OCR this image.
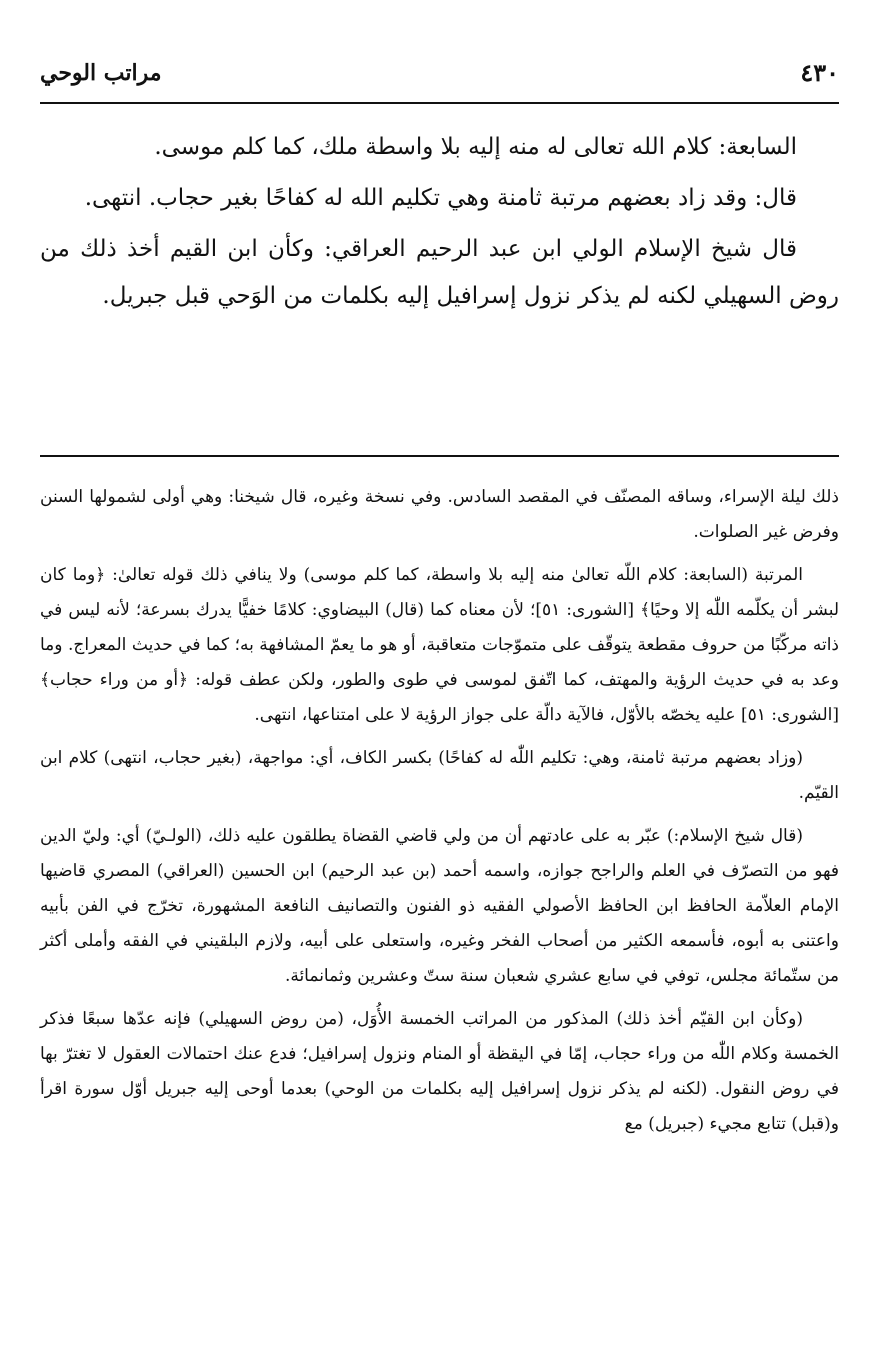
٤٣٠
مراتب الوحي

السابعة: كلام الله تعالى له منه إليه بلا واسطة ملك، كما كلم موسى.

قال: وقد زاد بعضهم مرتبة ثامنة وهي تكليم الله له كفاحًا بغير حجاب. انتهى.

قال شيخ الإسلام الولي ابن عبد الرحيم العراقي: وكأن ابن القيم أخذ ذلك من روض السهيلي لكنه لم يذكر نزول إسرافيل إليه بكلمات من الوَحي قبل جبريل.

ذلك ليلة الإسراء، وساقه المصنّف في المقصد السادس. وفي نسخة وغيره، قال شيخنا: وهي أولى لشمولها السنن وفرض غير الصلوات.

المرتبة (السابعة: كلام اللّه تعالىٰ منه إليه بلا واسطة، كما كلم موسى) ولا ينافي ذلك قوله تعالىٰ: ﴿وما كان لبشر أن يكلّمه اللّٰه إلا وحيًا﴾ [الشورى: ٥١]؛ لأن معناه كما (قال) البيضاوي: كلامًا خفيًّا يدرك بسرعة؛ لأنه ليس في ذاته مركّبًا من حروف مقطعة يتوقّف على متموّجات متعاقبة، أو هو ما يعمّ المشافهة به؛ كما في حديث المعراج. وما وعد به في حديث الرؤية والمهتف، كما اتّفق لموسى في طوى والطور، ولكن عطف قوله: ﴿أو من وراء حجاب﴾ [الشورى: ٥١] عليه يخصّه بالأوّل، فالآية دالّة على جواز الرؤية لا على امتناعها، انتهى.

(وزاد بعضهم مرتبة ثامنة، وهي: تكليم اللّٰه له كفاحًا) بكسر الكاف، أي: مواجهة، (بغير حجاب، انتهى) كلام ابن القيّم.

(قال شيخ الإسلام:) عبّر به على عادتهم أن من ولي قاضي القضاة يطلقون عليه ذلك، (الولـيّ) أي: وليّ الدين فهو من التصرّف في العلم والراجح جوازه، واسمه أحمد (بن عبد الرحيم) ابن الحسين (العراقي) المصري قاضيها الإمام العلاّمة الحافظ ابن الحافظ الأصولي الفقيه ذو الفنون والتصانيف النافعة المشهورة، تخرّج في الفن بأبيه واعتنى به أبوه، فأسمعه الكثير من أصحاب الفخر وغيره، واستعلى على أبيه، ولازم البلقيني في الفقه وأملى أكثر من ستّمائة مجلس، توفي في سابع عشري شعبان سنة ستّ وعشرين وثمانمائة.

(وكأن ابن القيّم أخذ ذلك) المذكور من المراتب الخمسة الأُوَل، (من روض السهيلي) فإنه عدّها سبعًا فذكر الخمسة وكلام اللّٰه من وراء حجاب، إمّا في اليقظة أو المنام ونزول إسرافيل؛ فدع عنك احتمالات العقول لا تغترّ بها في روض النقول. (لكنه لم يذكر نزول إسرافيل إليه بكلمات من الوحي) بعدما أوحى إليه جبريل أوّل سورة اقرأ و(قبل) تتابع مجيء (جبريل) مع
